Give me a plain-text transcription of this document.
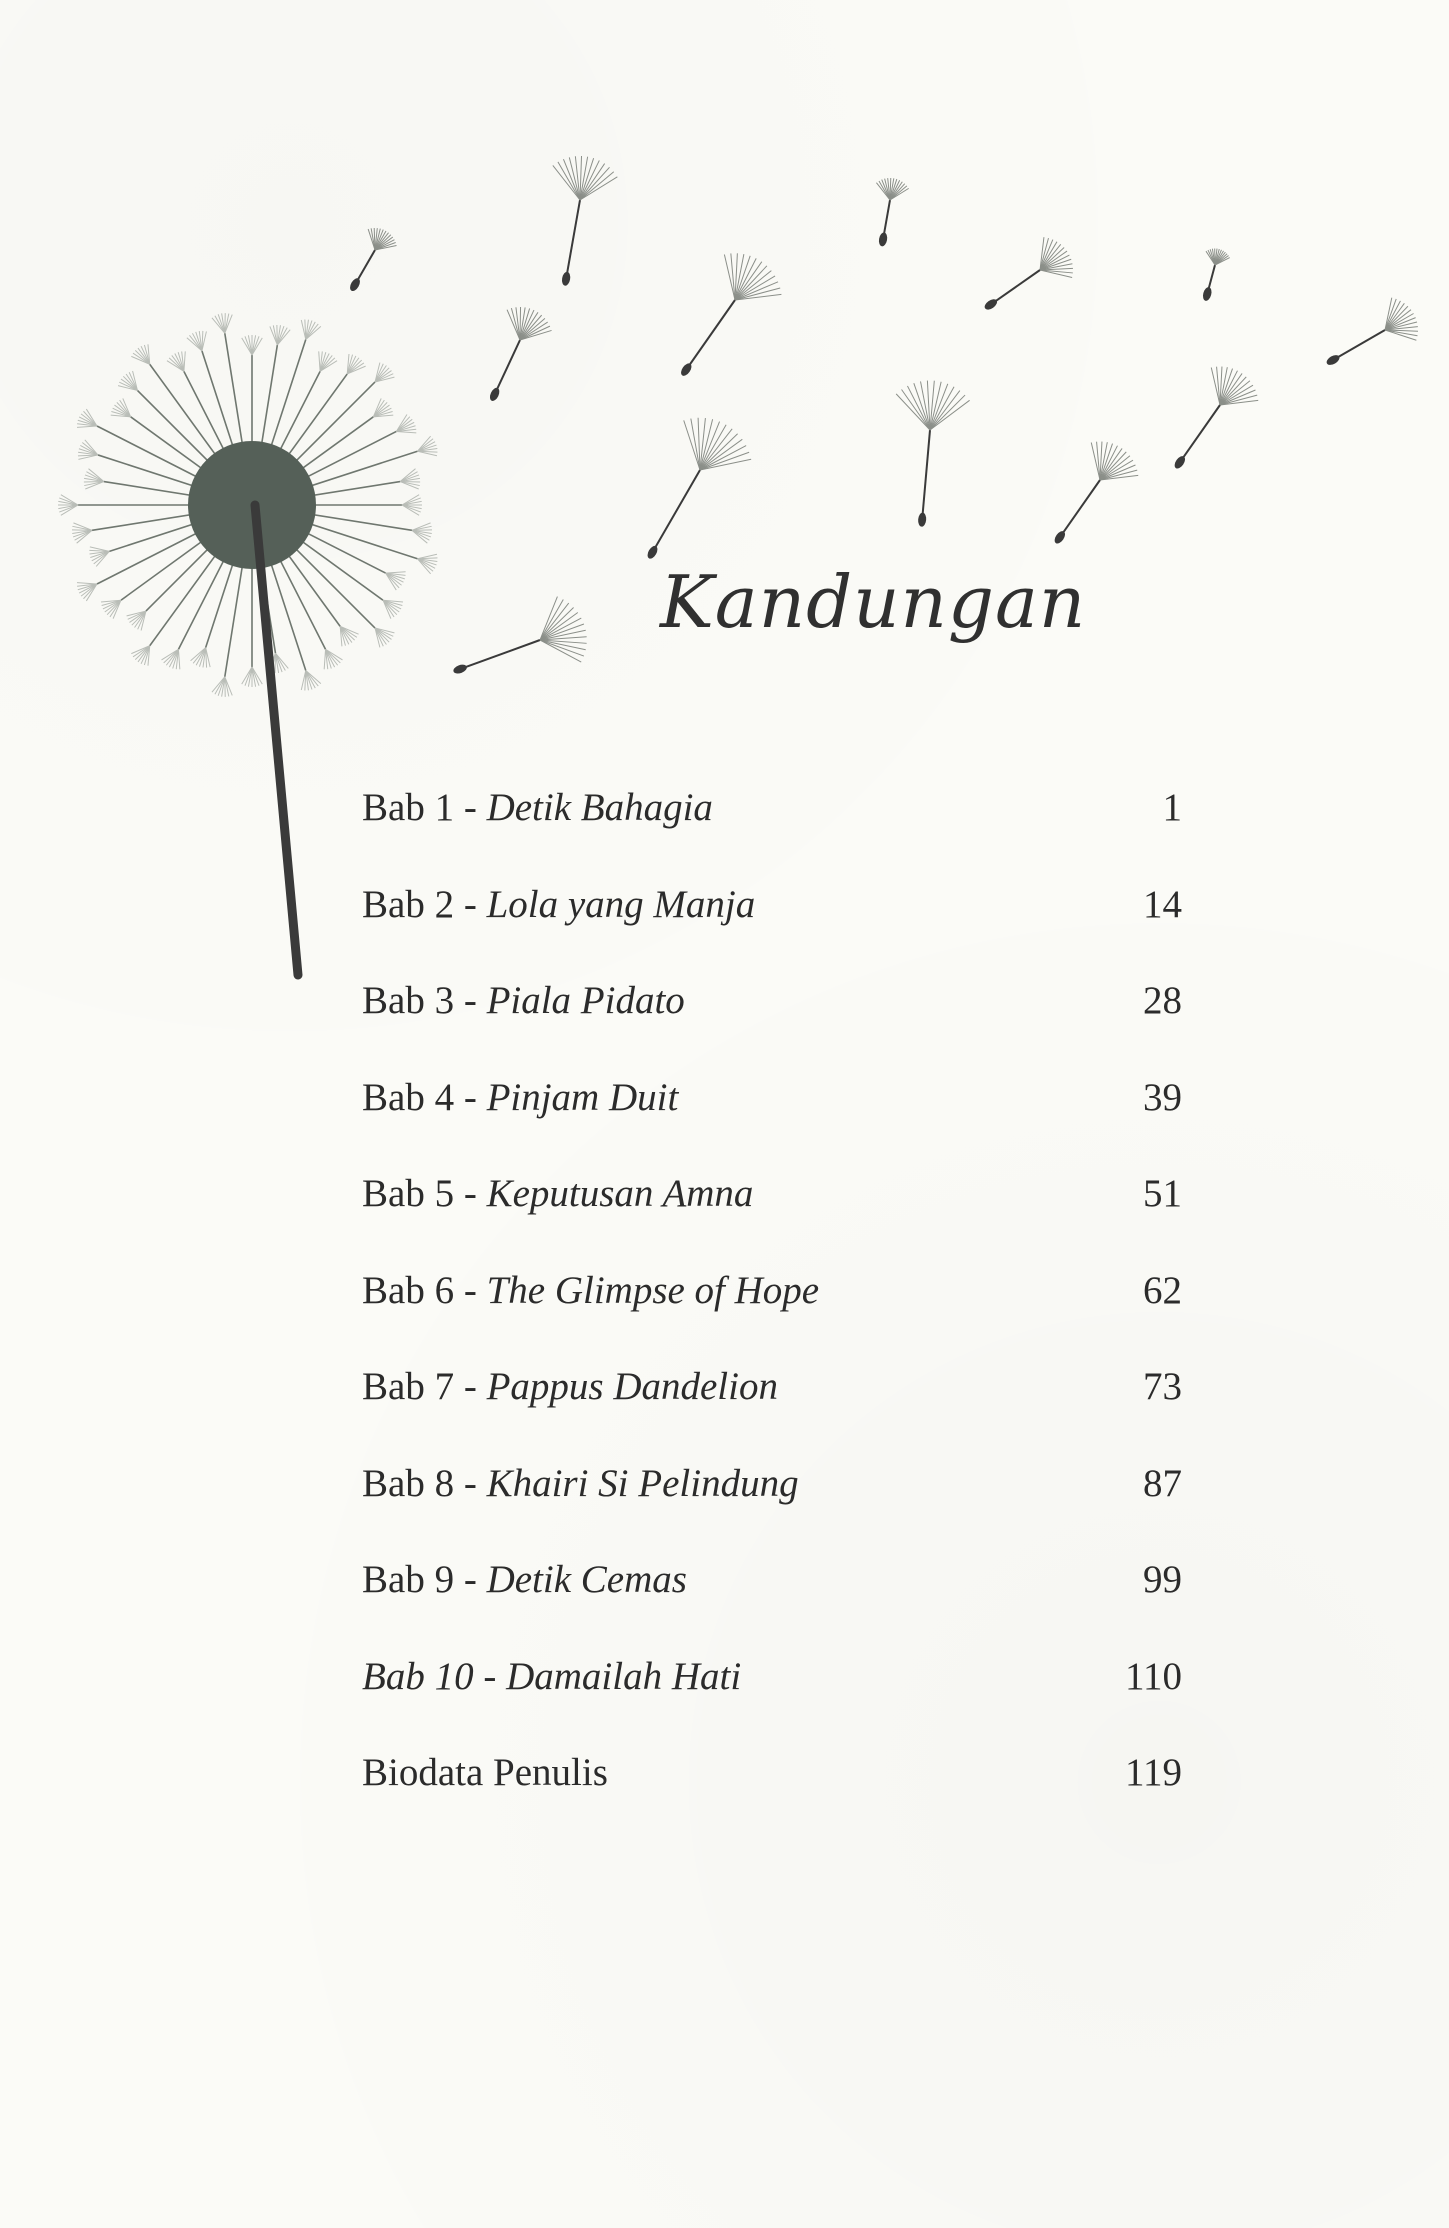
Kandungan
Bab 1 - Detik Bahagia	1
Bab 2 - Lola yang Manja	14
Bab 3 - Piala Pidato	28
Bab 4 - Pinjam Duit	39
Bab 5 - Keputusan Amna	51
Bab 6 - The Glimpse of Hope	62
Bab 7 - Pappus Dandelion	73
Bab 8 - Khairi Si Pelindung	87
Bab 9 - Detik Cemas	99
Bab 10 - Damailah Hati	110
Biodata Penulis	119
